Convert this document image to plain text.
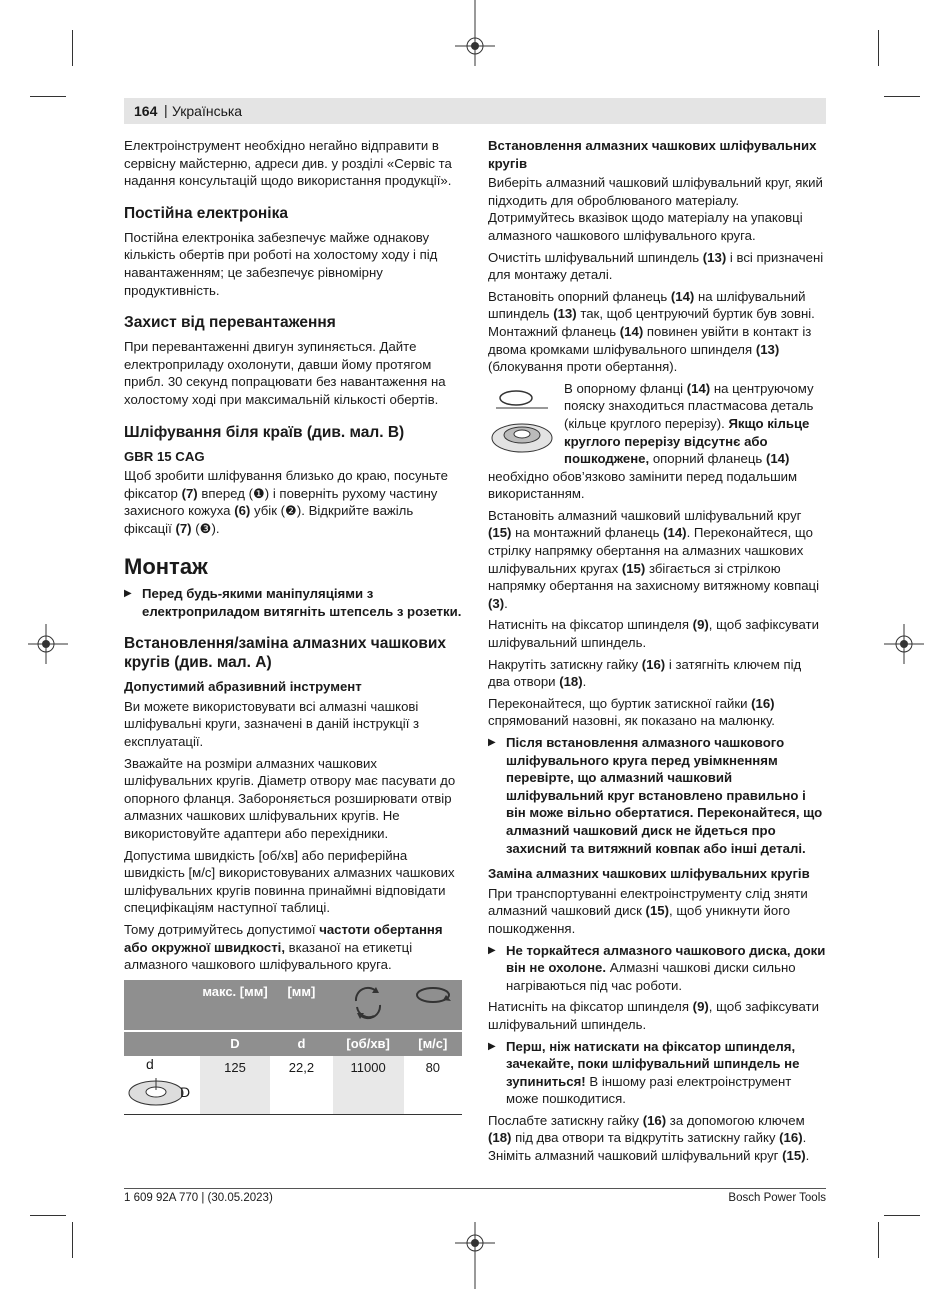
164 | Українська

Електроінструмент необхідно негайно відправити в сервісну майстерню, адреси див. у розділі «Сервіс та надання консультацій щодо використання продукції».

Постійна електроніка

Постійна електроніка забезпечує майже однакову кількість обертів при роботі на холостому ходу і під навантаженням; це забезпечує рівномірну продуктивність.

Захист від перевантаження

При перевантаженні двигун зупиняється. Дайте електроприладу охолонути, давши йому протягом прибл. 30 секунд попрацювати без навантаження на холостому ході при максимальній кількості обертів.

Шліфування біля країв (див. мал. B)
GBR 15 CAG

Щоб зробити шліфування близько до краю, посуньте фіксатор (7) вперед (❶) і поверніть рухому частину захисного кожуха (6) убік (❷). Відкрийте важіль фіксації (7) (❸).

Монтаж
▶ Перед будь-якими маніпуляціями з електроприладом витягніть штепсель з розетки.
Встановлення/заміна алмазних чашкових кругів (див. мал. A)
Допустимий абразивний інструмент

Ви можете використовувати всі алмазні чашкові шліфувальні круги, зазначені в даній інструкції з експлуатації.

Зважайте на розміри алмазних чашкових шліфувальних кругів. Діаметр отвору має пасувати до опорного фланця. Забороняється розширювати отвір алмазних чашкових шліфувальних кругів. Не використовуйте адаптери або перехідники.

Допустима швидкість [об/хв] або периферійна швидкість [м/с] використовуваних алмазних чашкових шліфувальних кругів повинна принаймні відповідати специфікаціям наступної таблиці.

Тому дотримуйтесь допустимої частоти обертання або окружної швидкості, вказаної на етикетці алмазного чашкового шліфувального круга.

	макс. [мм]	[мм]		
	D	d	[об/хв]	[м/с]

d
D	125	22,2	11000	80
Встановлення алмазних чашкових шліфувальних кругів

Виберіть алмазний чашковий шліфувальний круг, який підходить для оброблюваного матеріалу. Дотримуйтесь вказівок щодо матеріалу на упаковці алмазного чашкового шліфувального круга.

Очистіть шліфувальний шпиндель (13) і всі призначені для монтажу деталі.

Встановіть опорний фланець (14) на шліфувальний шпиндель (13) так, щоб центруючий буртик був зовні. Монтажний фланець (14) повинен увійти в контакт із двома кромками шліфувального шпинделя (13) (блокування проти обертання).

В опорному фланці (14) на центруючому пояску знаходиться пластмасова деталь (кільце круглого перерізу). Якщо кільце круглого перерізу відсутнє або пошкоджене, опорний фланець (14) необхідно обов’язково замінити перед подальшим використанням.

Встановіть алмазний чашковий шліфувальний круг (15) на монтажний фланець (14). Переконайтеся, що стрілку напрямку обертання на алмазних чашкових шліфувальних кругах (15) збігається зі стрілкою напрямку обертання на захисному витяжному ковпаці (3).

Натисніть на фіксатор шпинделя (9), щоб зафіксувати шліфувальний шпиндель.

Накрутіть затискну гайку (16) і затягніть ключем під два отвори (18).

Переконайтеся, що буртик затискної гайки (16) спрямований назовні, як показано на малюнку.

▶ Після встановлення алмазного чашкового шліфувального круга перед увімкненням перевірте, що алмазний чашковий шліфувальний круг встановлено правильно і він може вільно обертатися. Переконайтеся, що алмазний чашковий диск не йдеться про захисний та витяжний ковпак або інші деталі.
Заміна алмазних чашкових шліфувальних кругів

При транспортуванні електроінструменту слід зняти алмазний чашковий диск (15), щоб уникнути його пошкодження.

▶ Не торкайтеся алмазного чашкового диска, доки він не охолоне. Алмазні чашкові диски сильно нагріваються під час роботи.

Натисніть на фіксатор шпинделя (9), щоб зафіксувати шліфувальний шпиндель.

▶ Перш, ніж натискати на фіксатор шпинделя, зачекайте, поки шліфувальний шпиндель не зупиниться! В іншому разі електроінструмент може пошкодитися.

Послабте затискну гайку (16) за допомогою ключем (18) під два отвори та відкрутіть затискну гайку (16). Зніміть алмазний чашковий шліфувальний круг (15).

1 609 92A 770 | (30.05.2023)	Bosch Power Tools
